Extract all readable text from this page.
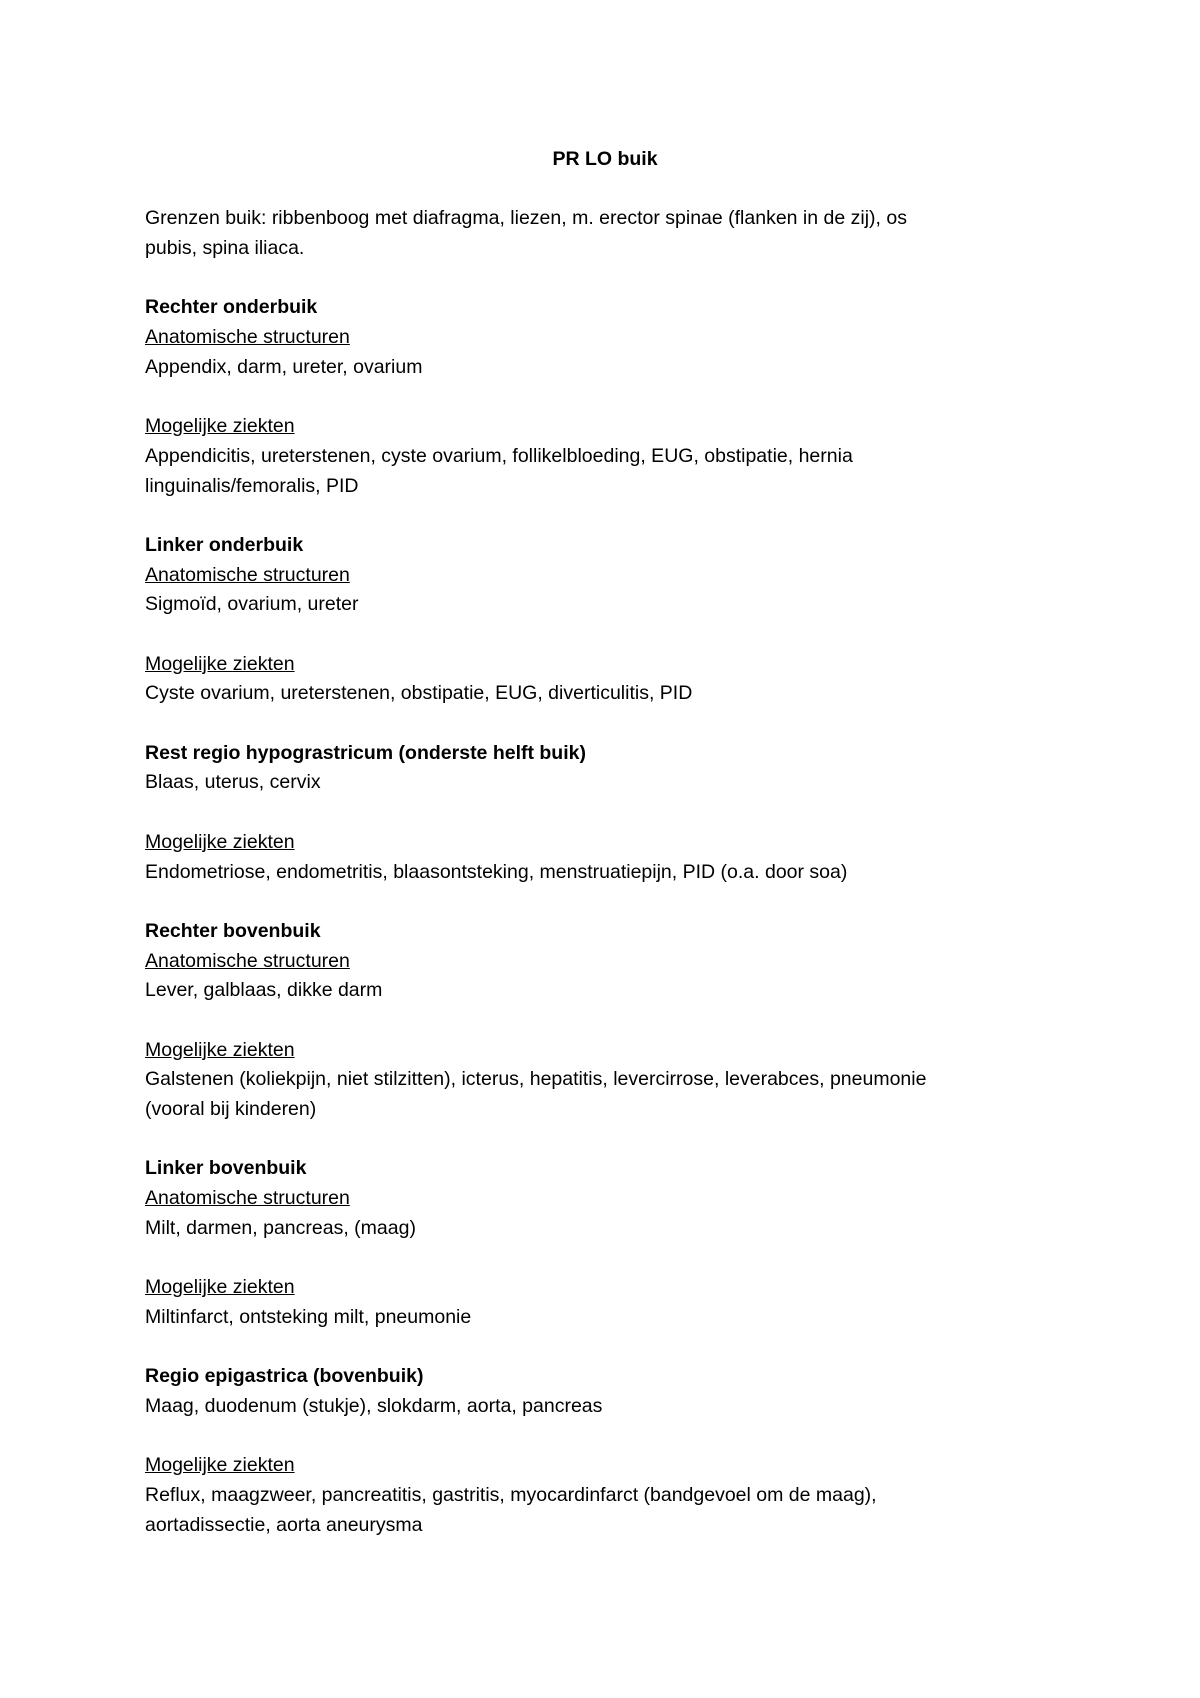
PR LO buik
Grenzen buik: ribbenboog met diafragma, liezen, m. erector spinae (flanken in de zij), os
pubis, spina iliaca.
Rechter onderbuik
Anatomische structuren
Appendix, darm, ureter, ovarium
Mogelijke ziekten
Appendicitis, ureterstenen, cyste ovarium, follikelbloeding, EUG, obstipatie, hernia
linguinalis/femoralis, PID
Linker onderbuik
Anatomische structuren
Sigmoïd, ovarium, ureter
Mogelijke ziekten
Cyste ovarium, ureterstenen, obstipatie, EUG, diverticulitis, PID
Rest regio hypograstricum (onderste helft buik)
Blaas, uterus, cervix
Mogelijke ziekten
Endometriose, endometritis, blaasontsteking, menstruatiepijn, PID (o.a. door soa)
Rechter bovenbuik
Anatomische structuren
Lever, galblaas, dikke darm
Mogelijke ziekten
Galstenen (koliekpijn, niet stilzitten), icterus, hepatitis, levercirrose, leverabces, pneumonie
(vooral bij kinderen)
Linker bovenbuik
Anatomische structuren
Milt, darmen, pancreas, (maag)
Mogelijke ziekten
Miltinfarct, ontsteking milt, pneumonie
Regio epigastrica (bovenbuik)
Maag, duodenum (stukje), slokdarm, aorta, pancreas
Mogelijke ziekten
Reflux, maagzweer, pancreatitis, gastritis, myocardinfarct (bandgevoel om de maag),
aortadissectie, aorta aneurysma
